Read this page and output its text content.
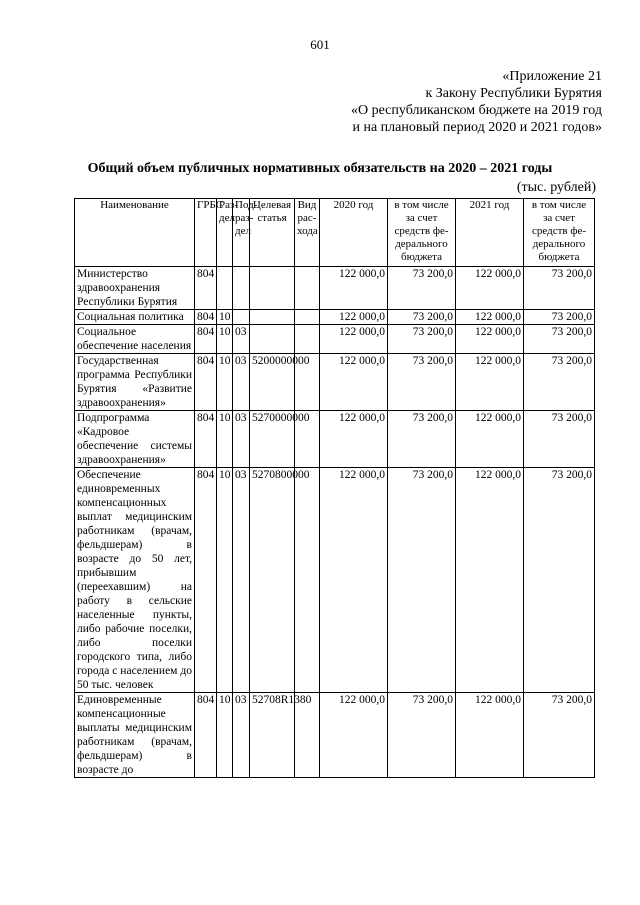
601
«Приложение 21
к Закону Республики Бурятия
«О республиканском бюджете на 2019 год
и на плановый период 2020 и 2021 годов»
Общий объем публичных нормативных обязательств на 2020 – 2021 годы
(тыс. рублей)
Наименование	ГРБС	Раз-дел	Под-раз-дел	Целевая статья	Вид рас-хода	2020 год	в том числе за счет средств фе-дерального бюджета	2021 год	в том числе за счет средств фе-дерального бюджета
Министерство здравоохранения Республики Бурятия	804					122 000,0	73 200,0	122 000,0	73 200,0
Социальная политика	804	10				122 000,0	73 200,0	122 000,0	73 200,0
Социальное обеспечение населения	804	10	03			122 000,0	73 200,0	122 000,0	73 200,0
Государственная программа Республики Бурятия «Развитие здравоохранения»	804	10	03	5200000000		122 000,0	73 200,0	122 000,0	73 200,0
Подпрограмма «Кадровое обеспечение системы здравоохранения»	804	10	03	5270000000		122 000,0	73 200,0	122 000,0	73 200,0
Обеспечение единовременных компенсационных выплат медицинским работникам (врачам, фельдшерам) в возрасте до 50 лет, прибывшим (переехавшим) на работу в сельские населенные пункты, либо рабочие поселки, либо поселки городского типа, либо города с населением до 50 тыс. человек	804	10	03	5270800000		122 000,0	73 200,0	122 000,0	73 200,0
Единовременные компенсационные выплаты медицинским работникам (врачам, фельдшерам) в возрасте до	804	10	03	52708R1380		122 000,0	73 200,0	122 000,0	73 200,0
